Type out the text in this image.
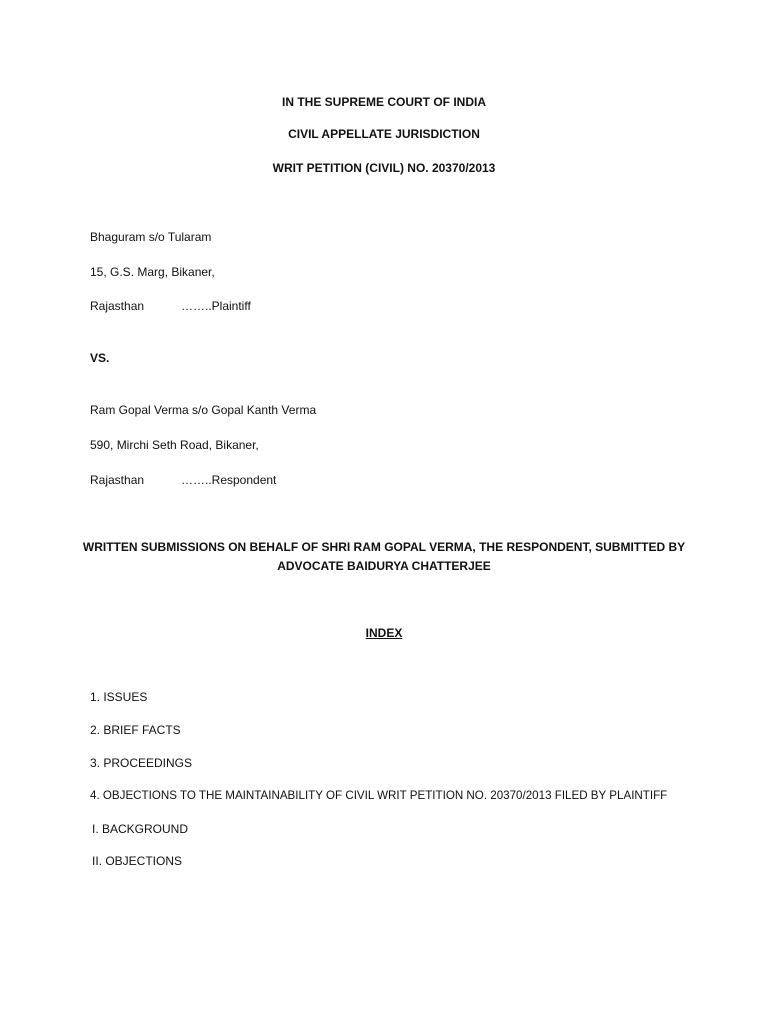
IN THE SUPREME COURT OF INDIA
CIVIL APPELLATE JURISDICTION
WRIT PETITION (CIVIL) NO. 20370/2013
Bhaguram s/o Tularam
15, G.S. Marg, Bikaner,
Rajasthan	……..Plaintiff
VS.
Ram Gopal Verma s/o Gopal Kanth Verma
590, Mirchi Seth Road, Bikaner,
Rajasthan	……..Respondent
WRITTEN SUBMISSIONS ON BEHALF OF SHRI RAM GOPAL VERMA, THE RESPONDENT, SUBMITTED BY
ADVOCATE BAIDURYA CHATTERJEE
INDEX
1. ISSUES
2. BRIEF FACTS
3. PROCEEDINGS
4. OBJECTIONS TO THE MAINTAINABILITY OF CIVIL WRIT PETITION NO. 20370/2013 FILED BY PLAINTIFF
I. BACKGROUND
II. OBJECTIONS
